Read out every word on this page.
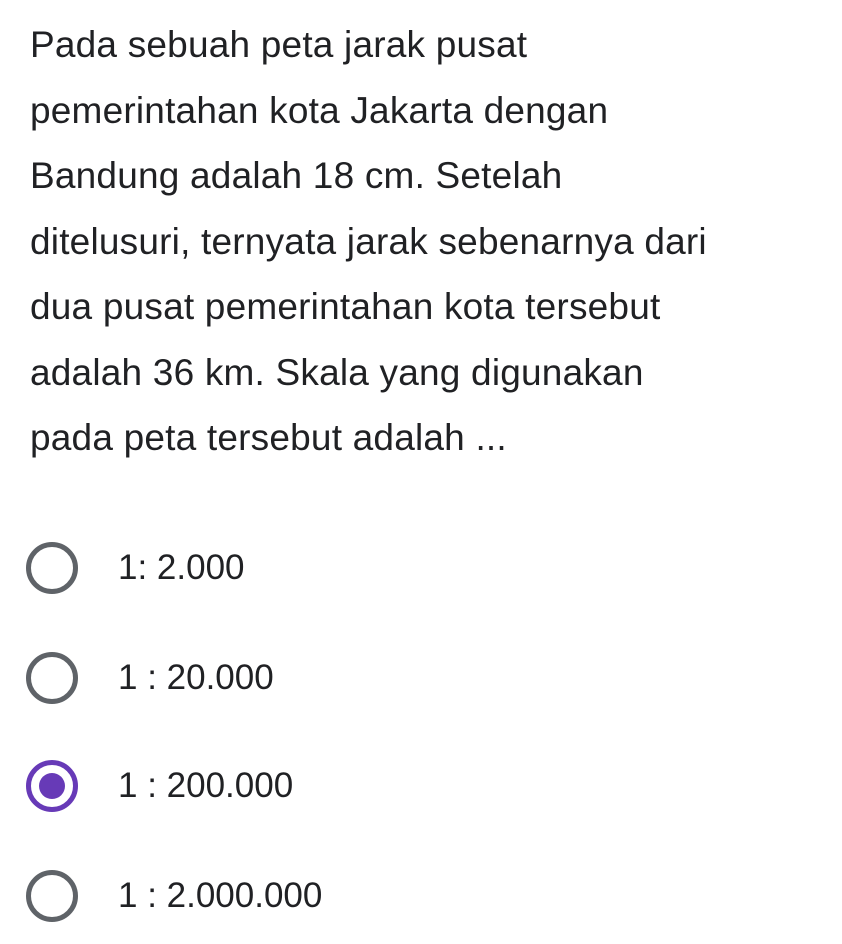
Pada sebuah peta jarak pusat
pemerintahan kota Jakarta dengan
Bandung adalah 18 cm. Setelah
ditelusuri, ternyata jarak sebenarnya dari
dua pusat pemerintahan kota tersebut
adalah 36 km. Skala yang digunakan
pada peta tersebut adalah ...

1: 2.000
1 : 20.000
1 : 200.000
1 : 2.000.000
